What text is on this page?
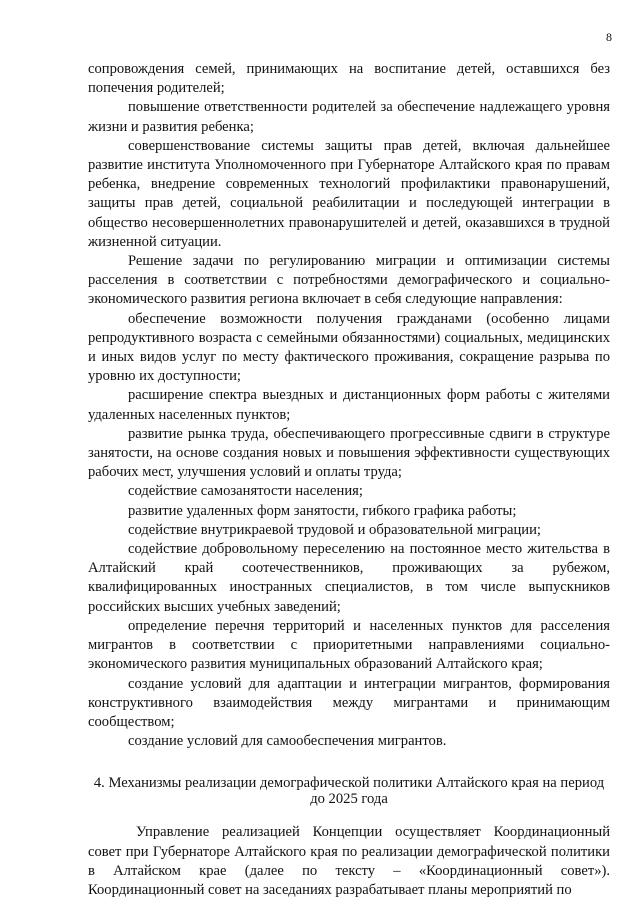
8

сопровождения семей, принимающих на воспитание детей, оставшихся без попечения родителей;

повышение ответственности родителей за обеспечение надлежащего уровня жизни и развития ребенка;

совершенствование системы защиты прав детей, включая дальнейшее развитие института Уполномоченного при Губернаторе Алтайского края по правам ребенка, внедрение современных технологий профилактики правонарушений, защиты прав детей, социальной реабилитации и последующей интеграции в общество несовершеннолетних правонарушителей и детей, оказавшихся в трудной жизненной ситуации.

Решение задачи по регулированию миграции и оптимизации системы расселения в соответствии с потребностями демографического и социально-экономического развития региона включает в себя следующие направления:

обеспечение возможности получения гражданами (особенно лицами репродуктивного возраста с семейными обязанностями) социальных, медицинских и иных видов услуг по месту фактического проживания, сокращение разрыва по уровню их доступности;

расширение спектра выездных и дистанционных форм работы с жителями удаленных населенных пунктов;

развитие рынка труда, обеспечивающего прогрессивные сдвиги в структуре занятости, на основе создания новых и повышения эффективности существующих рабочих мест, улучшения условий и оплаты труда;

содействие самозанятости населения;

развитие удаленных форм занятости, гибкого графика работы;

содействие внутрикраевой трудовой и образовательной миграции;

содействие добровольному переселению на постоянное место жительства в Алтайский край соотечественников, проживающих за рубежом, квалифицированных иностранных специалистов, в том числе выпускников российских высших учебных заведений;

определение перечня территорий и населенных пунктов для расселения мигрантов в соответствии с приоритетными направлениями социально-экономического развития муниципальных образований Алтайского края;

создание условий для адаптации и интеграции мигрантов, формирования конструктивного взаимодействия между мигрантами и принимающим сообществом;

создание условий для самообеспечения мигрантов.

4. Механизмы реализации демографической политики Алтайского края на период до 2025 года

Управление реализацией Концепции осуществляет Координационный совет при Губернаторе Алтайского края по реализации демографической политики в Алтайском крае (далее по тексту – «Координационный совет»). Координационный совет на заседаниях разрабатывает планы мероприятий по
